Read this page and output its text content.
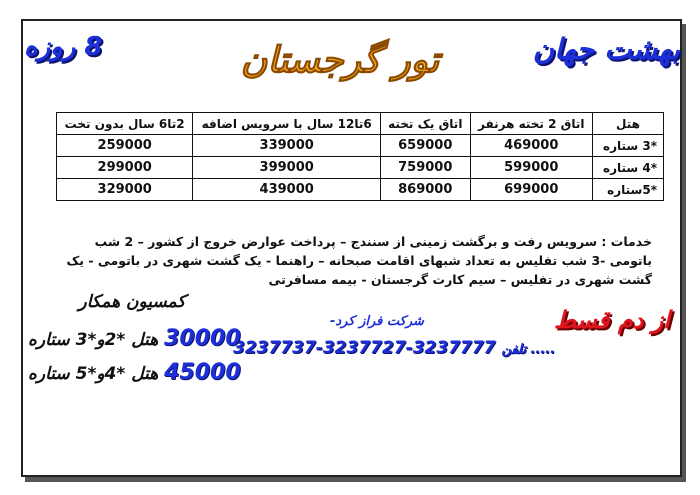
بهشت جهان
8 روزه	تور گرجستان
هتل	اتاق 2 تخته هرنفر	اتاق یک تخته	6تا12 سال با سرویس اضافه	2تا6 سال بدون تخت
*3 ستاره	469000	659000	339000	259000
*4 ستاره	599000	759000	399000	299000
*5ستاره	699000	869000	439000	329000
خدمات : سرویس رفت و برگشت زمینی از سنندج – پرداخت عوارض خروج از کشور – 2 شب باتومی -3 شب تفلیس به تعداد شبهای اقامت صبحانه – راهنما - یک گشت شهری در باتومی - یک گشت شهری در تفلیس – سیم کارت گرجستان - بیمه مسافرتی
از دم قسط
شرکت فراز کرد-
3237737-3237727-3237777 تلفن .....
کمسیون همکار
30000 هتل *2و*3 ستاره
45000 هتل *4و*5 ستاره
